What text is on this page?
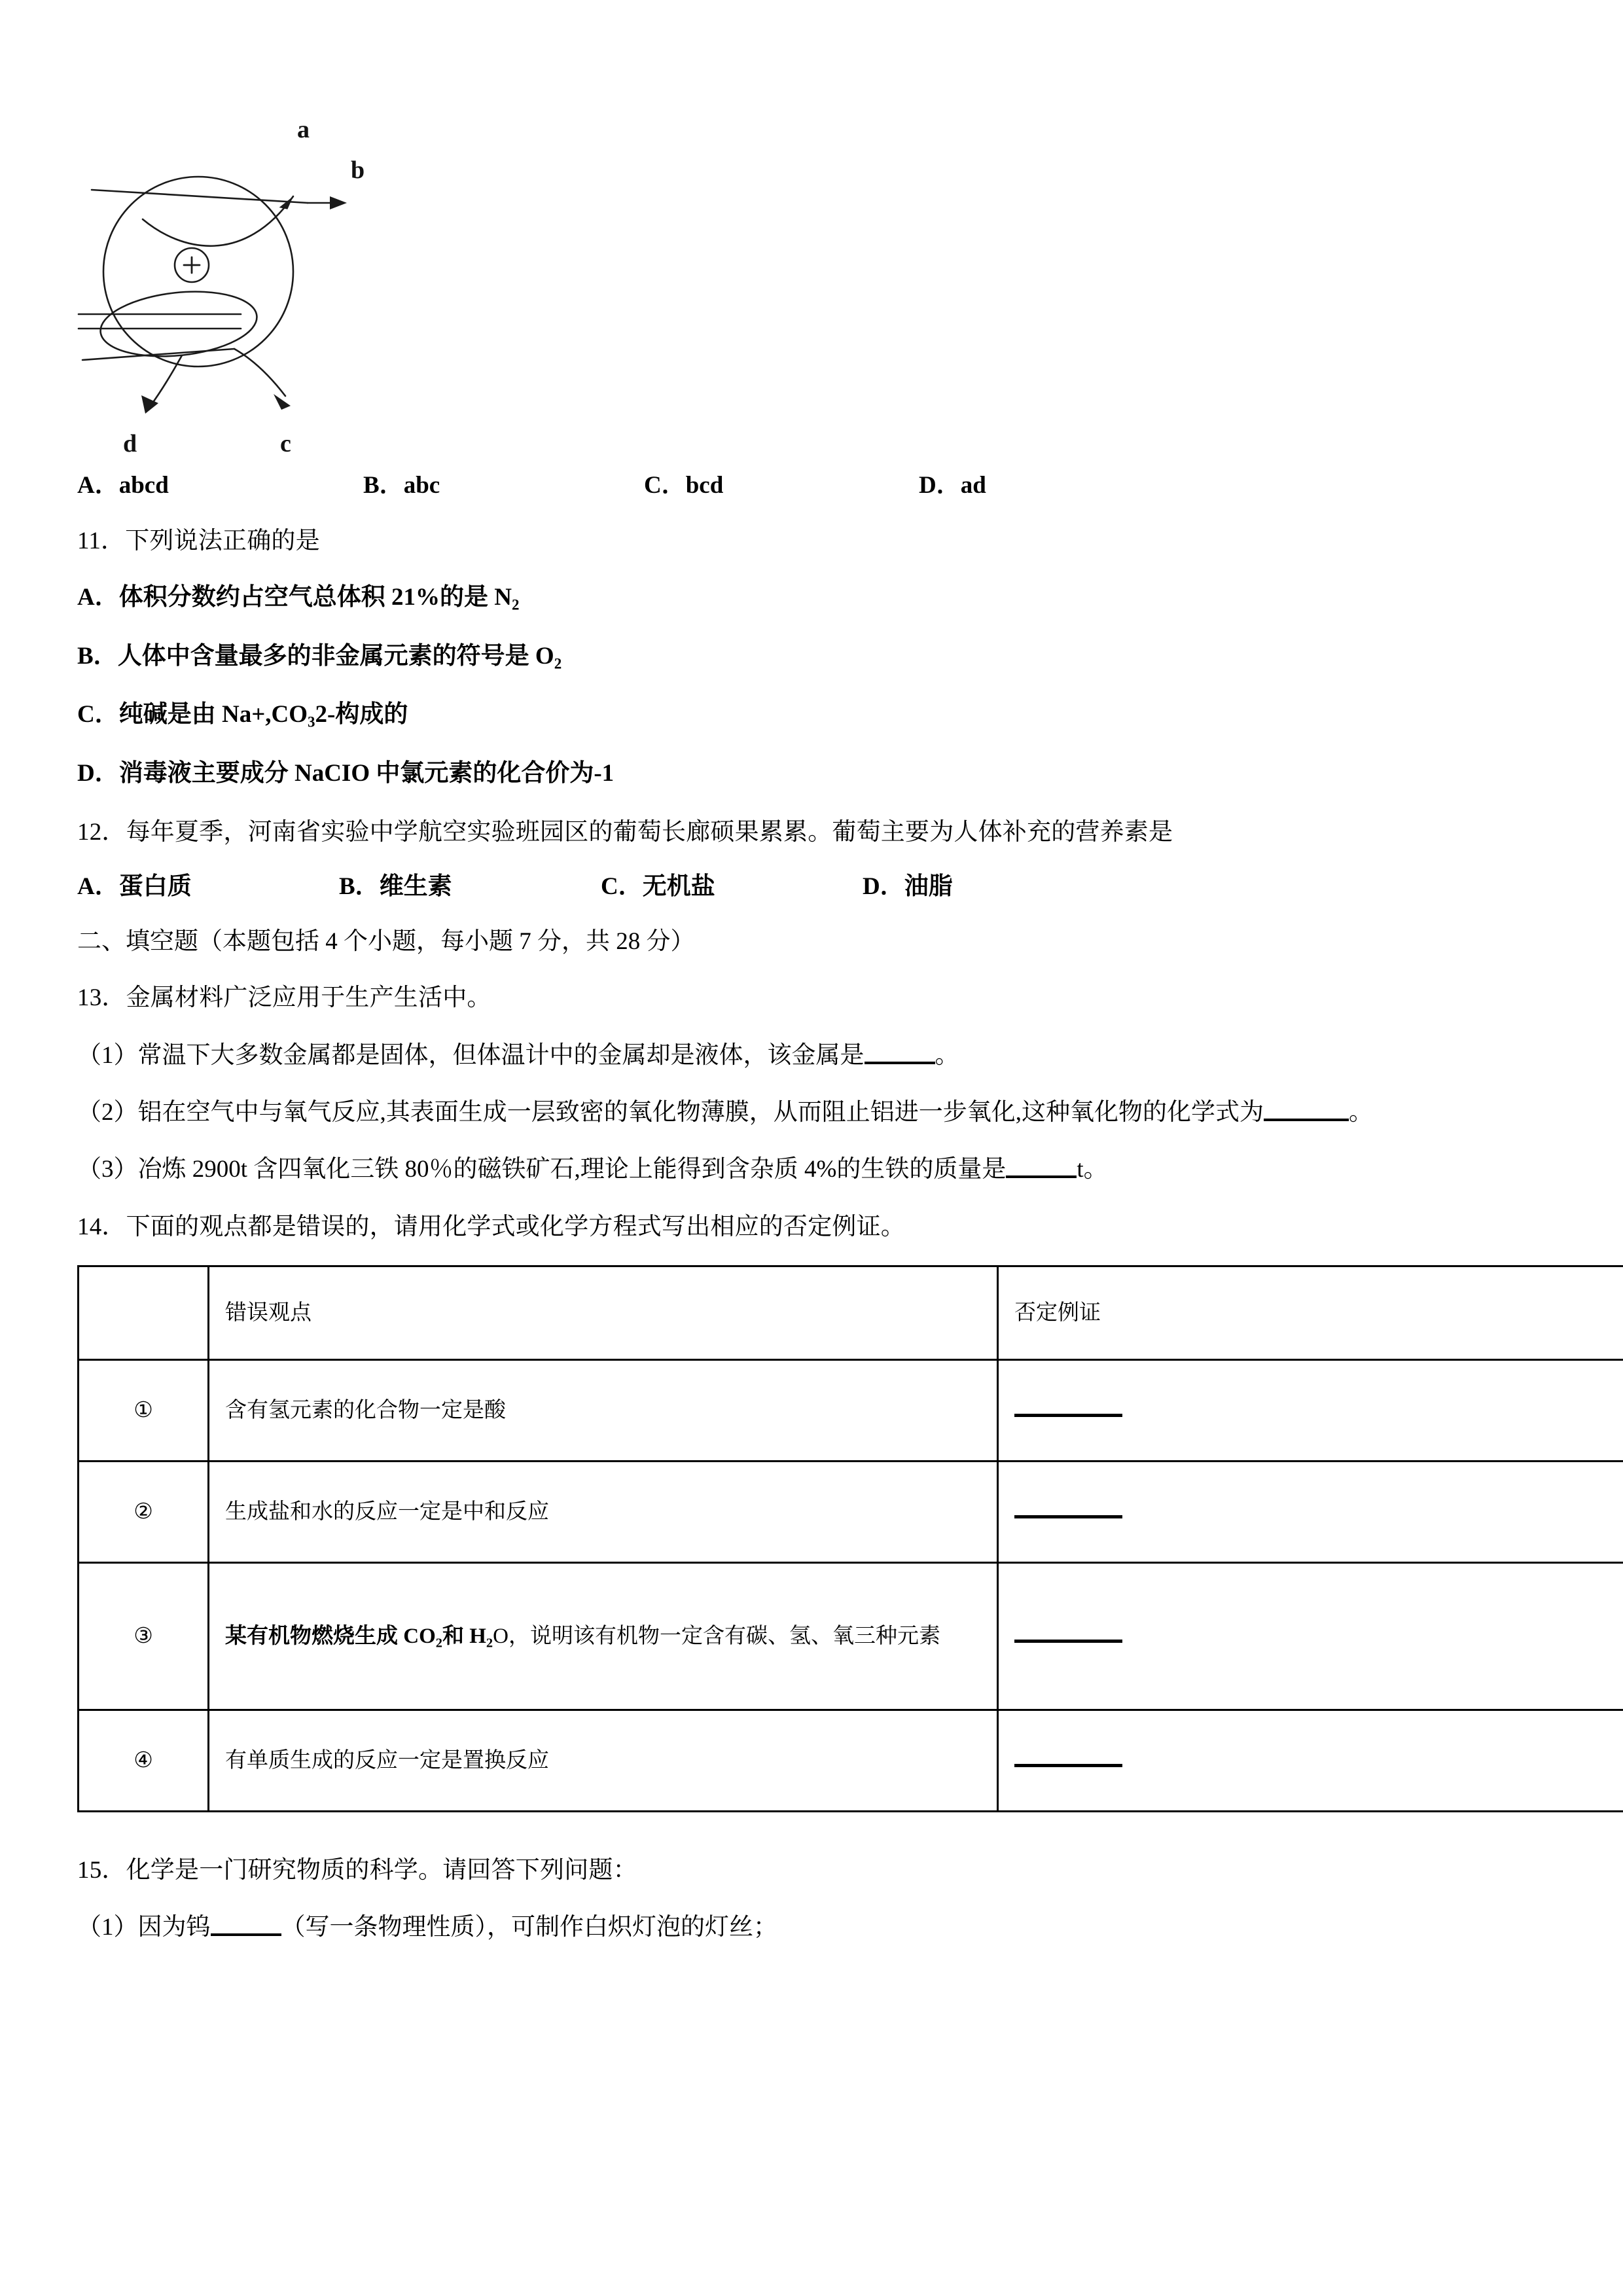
a
b
c
d
A．abcd	B．abc	C．bcd	D．ad
11．下列说法正确的是
A．体积分数约占空气总体积 21%的是 $N_2$
B．人体中含量最多的非金属元素的符号是 $O_2$
C．纯碱是由 $Na+,CO_32-$构成的
D．消毒液主要成分 NaCIO 中氯元素的化合价为-1
12．每年夏季，河南省实验中学航空实验班园区的葡萄长廊硕果累累。葡萄主要为人体补充的营养素是
A．蛋白质	B．维生素	C．无机盐	D．油脂
二、填空题（本题包括 4 个小题，每小题 7 分，共 28 分）
13．金属材料广泛应用于生产生活中。
（1）常温下大多数金属都是固体，但体温计中的金属却是液体，该金属是	。
（2）铝在空气中与氧气反应,其表面生成一层致密的氧化物薄膜，从而阻止铝进一步氧化,这种氧化物的化学式为	。
（3）冶炼 2900t 含四氧化三铁 80％的磁铁矿石,理论上能得到含杂质 4%的生铁的质量是	t。
14．下面的观点都是错误的，请用化学式或化学方程式写出相应的否定例证。
	错误观点	否定例证
①	含有氢元素的化合物一定是酸	
②	生成盐和水的反应一定是中和反应	
③	某有机物燃烧生成 $CO_2$和 $H_2O$，说明该有机物一定含有碳、氢、氧三种元素	
④	有单质生成的反应一定是置换反应	
15．化学是一门研究物质的科学。请回答下列问题：
（1）因为钨	（写一条物理性质），可制作白炽灯泡的灯丝；
